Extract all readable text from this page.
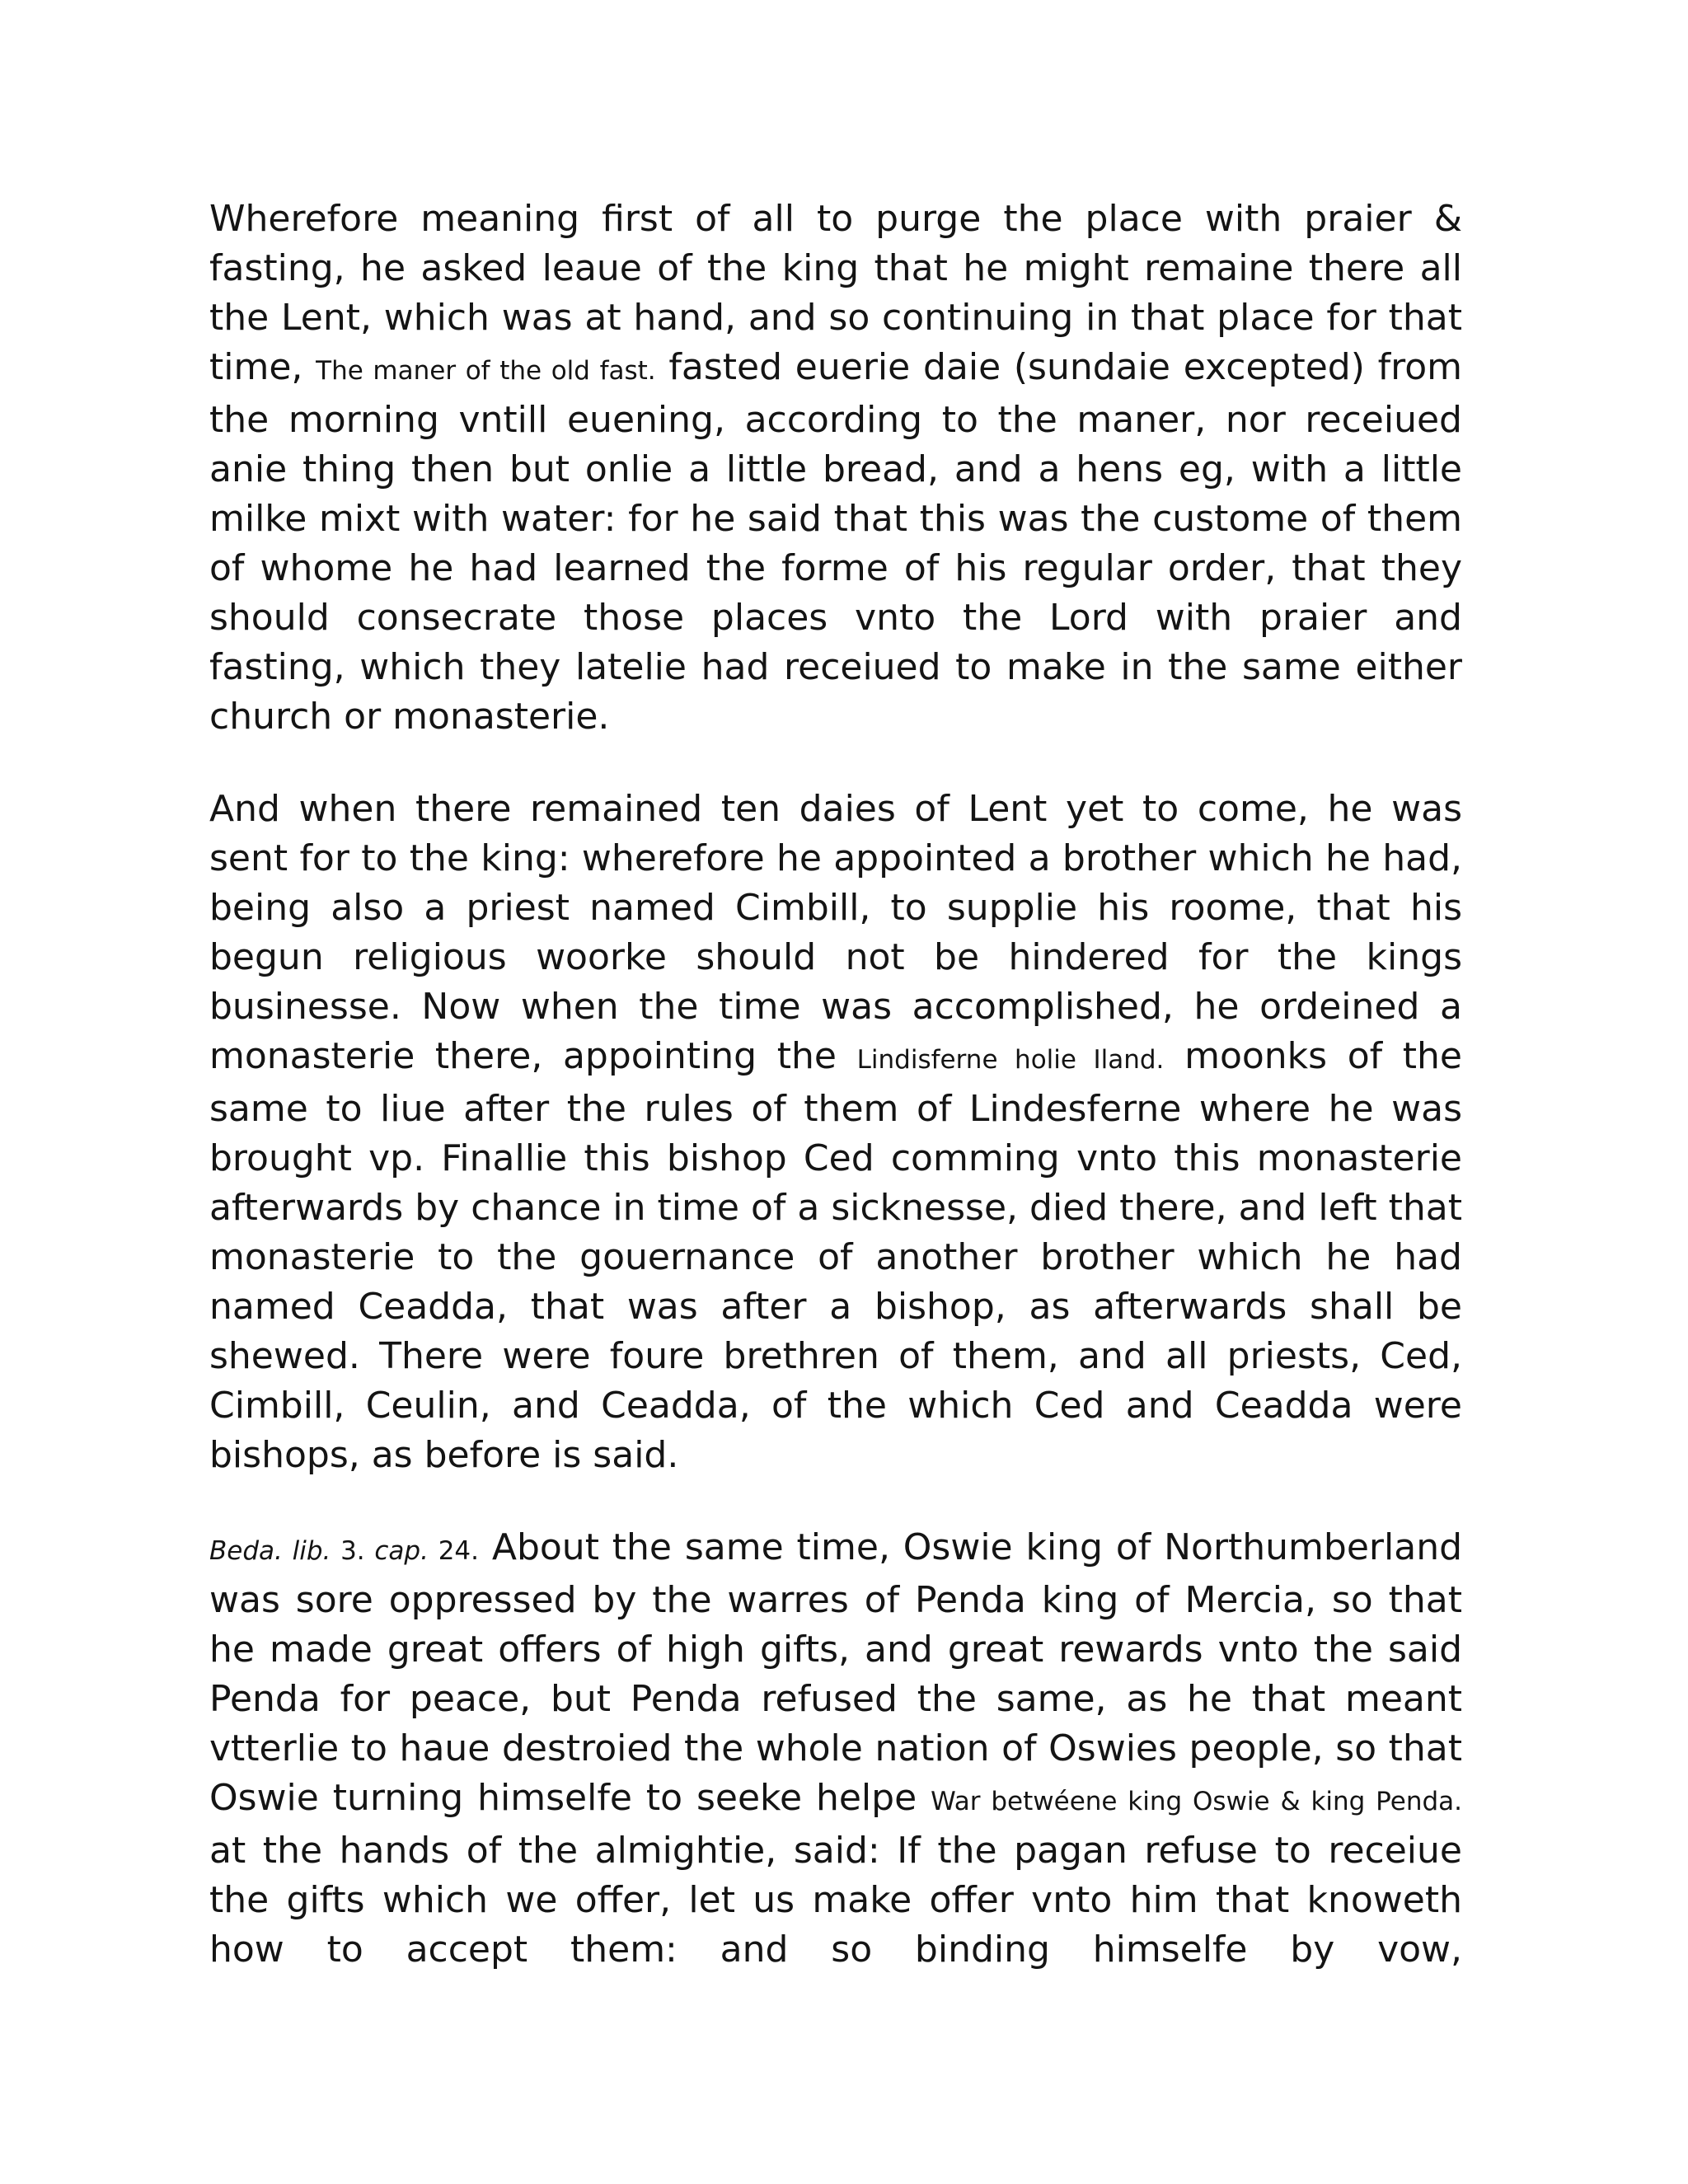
Wherefore meaning first of all to purge the place with praier & fasting, he asked leaue of the king that he might remaine there all the Lent, which was at hand, and so continuing in that place for that time, The maner of the old fast. fasted euerie daie (sundaie excepted) from the morning vntill euening, according to the maner, nor receiued anie thing then but onlie a little bread, and a hens eg, with a little milke mixt with water: for he said that this was the custome of them of whome he had learned the forme of his regular order, that they should consecrate those places vnto the Lord with praier and fasting, which they latelie had receiued to make in the same either church or monasterie.

And when there remained ten daies of Lent yet to come, he was sent for to the king: wherefore he appointed a brother which he had, being also a priest named Cimbill, to supplie his roome, that his begun religious woorke should not be hindered for the kings businesse. Now when the time was accomplished, he ordeined a monasterie there, appointing the Lindisferne holie Iland. moonks of the same to liue after the rules of them of Lindesferne where he was brought vp. Finallie this bishop Ced comming vnto this monasterie afterwards by chance in time of a sicknesse, died there, and left that monasterie to the gouernance of another brother which he had named Ceadda, that was after a bishop, as afterwards shall be shewed. There were foure brethren of them, and all priests, Ced, Cimbill, Ceulin, and Ceadda, of the which Ced and Ceadda were bishops, as before is said.

Beda. lib. 3. cap. 24. About the same time, Oswie king of Northumberland was sore oppressed by the warres of Penda king of Mercia, so that he made great offers of high gifts, and great rewards vnto the said Penda for peace, but Penda refused the same, as he that meant vtterlie to haue destroied the whole nation of Oswies people, so that Oswie turning himselfe to seeke helpe War betwéene king Oswie & king Penda. at the hands of the almightie, said: If the pagan refuse to receiue the gifts which we offer, let us make offer vnto him that knoweth how to accept them: and so binding himselfe by vow,
